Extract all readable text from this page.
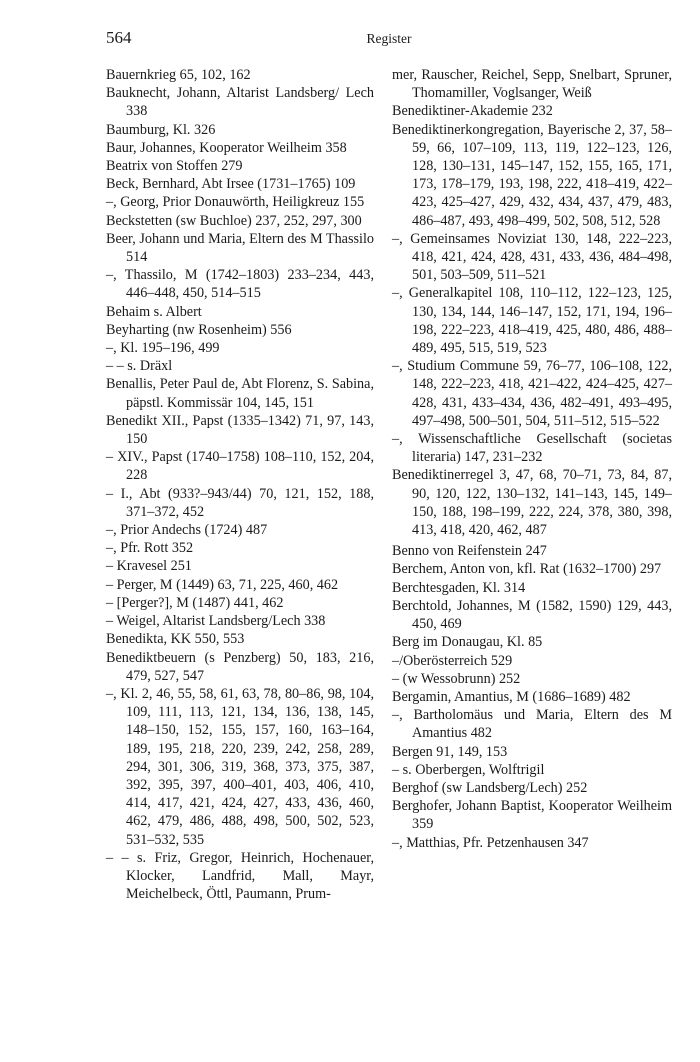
564	Register

Bauernkrieg 65, 102, 162

Bauknecht, Johann, Altarist Landsberg/ Lech 338

Baumburg, Kl. 326

Baur, Johannes, Kooperator Weilheim 358

Beatrix von Stoffen 279

Beck, Bernhard, Abt Irsee (1731–1765) 109

–, Georg, Prior Donauwörth, Heiligkreuz 155

Beckstetten (sw Buchloe) 237, 252, 297, 300

Beer, Johann und Maria, Eltern des M Thassilo 514

–, Thassilo, M (1742–1803) 233–234, 443, 446–448, 450, 514–515

Behaim s. Albert

Beyharting (nw Rosenheim) 556

–, Kl. 195–196, 499

– – s. Dräxl

Benallis, Peter Paul de, Abt Florenz, S. Sabina, päpstl. Kommissär 104, 145, 151

Benedikt XII., Papst (1335–1342) 71, 97, 143, 150

– XIV., Papst (1740–1758) 108–110, 152, 204, 228

– I., Abt (933?–943/44) 70, 121, 152, 188, 371–372, 452

–, Prior Andechs (1724) 487

–, Pfr. Rott 352

– Kravesel 251

– Perger, M (1449) 63, 71, 225, 460, 462

– [Perger?], M (1487) 441, 462

– Weigel, Altarist Landsberg/Lech 338

Benedikta, KK 550, 553

Benediktbeuern (s Penzberg) 50, 183, 216, 479, 527, 547

–, Kl. 2, 46, 55, 58, 61, 63, 78, 80–86, 98, 104, 109, 111, 113, 121, 134, 136, 138, 145, 148–150, 152, 155, 157, 160, 163–164, 189, 195, 218, 220, 239, 242, 258, 289, 294, 301, 306, 319, 368, 373, 375, 387, 392, 395, 397, 400–401, 403, 406, 410, 414, 417, 421, 424, 427, 433, 436, 460, 462, 479, 486, 488, 498, 500, 502, 523, 531–532, 535

– – s. Friz, Gregor, Heinrich, Hochenauer, Klocker, Landfrid, Mall, Mayr, Meichelbeck, Öttl, Paumann, Prum-

mer, Rauscher, Reichel, Sepp, Snelbart, Spruner, Thomamiller, Voglsanger, Weiß

Benediktiner-Akademie 232

Benediktinerkongregation, Bayerische 2, 37, 58–59, 66, 107–109, 113, 119, 122–123, 126, 128, 130–131, 145–147, 152, 155, 165, 171, 173, 178–179, 193, 198, 222, 418–419, 422–423, 425–427, 429, 432, 434, 437, 479, 483, 486–487, 493, 498–499, 502, 508, 512, 528

–, Gemeinsames Noviziat 130, 148, 222–223, 418, 421, 424, 428, 431, 433, 436, 484–498, 501, 503–509, 511–521

–, Generalkapitel 108, 110–112, 122–123, 125, 130, 134, 144, 146–147, 152, 171, 194, 196–198, 222–223, 418–419, 425, 480, 486, 488–489, 495, 515, 519, 523

–, Studium Commune 59, 76–77, 106–108, 122, 148, 222–223, 418, 421–422, 424–425, 427–428, 431, 433–434, 436, 482–491, 493–495, 497–498, 500–501, 504, 511–512, 515–522

–, Wissenschaftliche Gesellschaft (societas literaria) 147, 231–232

Benediktinerregel 3, 47, 68, 70–71, 73, 84, 87, 90, 120, 122, 130–132, 141–143, 145, 149–150, 188, 198–199, 222, 224, 378, 380, 398, 413, 418, 420, 462, 487

Benno von Reifenstein 247

Berchem, Anton von, kfl. Rat (1632–1700) 297

Berchtesgaden, Kl. 314

Berchtold, Johannes, M (1582, 1590) 129, 443, 450, 469

Berg im Donaugau, Kl. 85

–/Oberösterreich 529

– (w Wessobrunn) 252

Bergamin, Amantius, M (1686–1689) 482

–, Bartholomäus und Maria, Eltern des M Amantius 482

Bergen 91, 149, 153

– s. Oberbergen, Wolftrigil

Berghof (sw Landsberg/Lech) 252

Berghofer, Johann Baptist, Kooperator Weilheim 359

–, Matthias, Pfr. Petzenhausen 347
